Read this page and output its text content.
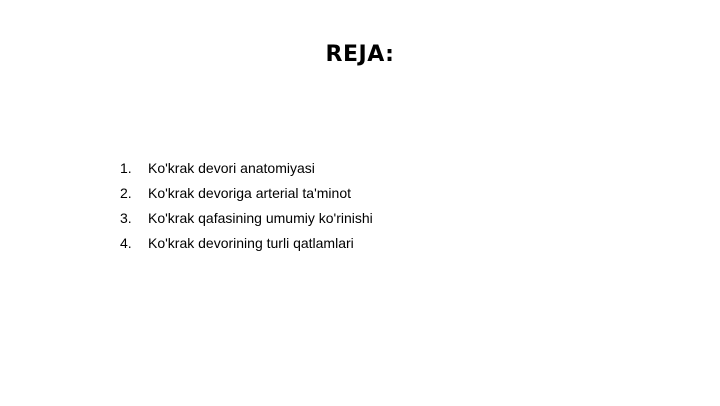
REJA:
1.	Ko'krak devori anatomiyasi
2.	Ko'krak devoriga arterial ta'minot
3.	Ko'krak qafasining umumiy ko'rinishi
4.	Ko'krak devorining turli qatlamlari
